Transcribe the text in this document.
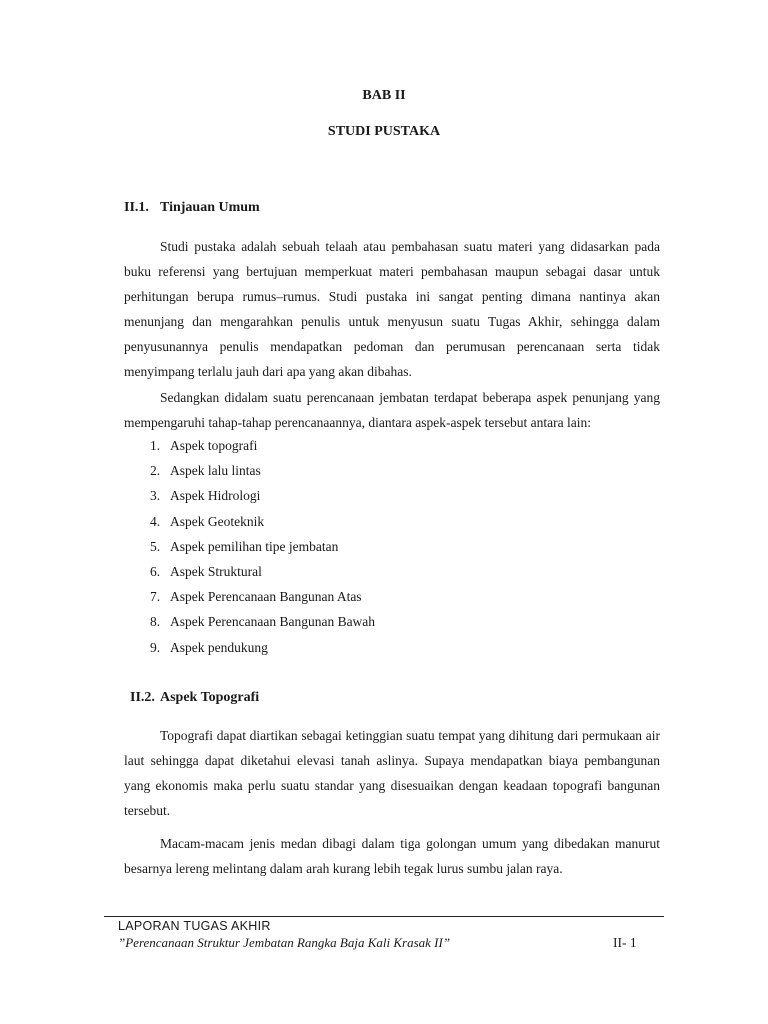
BAB II
STUDI PUSTAKA
II.1. Tinjauan Umum

Studi pustaka adalah sebuah telaah atau pembahasan suatu materi yang didasarkan pada buku referensi yang bertujuan memperkuat materi pembahasan maupun sebagai dasar untuk perhitungan berupa rumus–rumus. Studi pustaka ini sangat penting dimana nantinya akan menunjang dan mengarahkan penulis untuk menyusun suatu Tugas Akhir, sehingga dalam penyusunannya penulis mendapatkan pedoman dan perumusan perencanaan serta tidak menyimpang terlalu jauh dari apa yang akan dibahas.

Sedangkan didalam suatu perencanaan jembatan terdapat beberapa aspek penunjang yang mempengaruhi tahap-tahap perencanaannya, diantara aspek-aspek tersebut antara lain:

1. Aspek topografi
2. Aspek lalu lintas
3. Aspek Hidrologi
4. Aspek Geoteknik
5. Aspek pemilihan tipe jembatan
6. Aspek Struktural
7. Aspek Perencanaan Bangunan Atas
8. Aspek Perencanaan Bangunan Bawah
9. Aspek pendukung
II.2. Aspek Topografi

Topografi dapat diartikan sebagai ketinggian suatu tempat yang dihitung dari permukaan air laut sehingga dapat diketahui elevasi tanah aslinya. Supaya mendapatkan biaya pembangunan yang ekonomis maka perlu suatu standar yang disesuaikan dengan keadaan topografi bangunan tersebut.

Macam-macam jenis medan dibagi dalam tiga golongan umum yang dibedakan manurut besarnya lereng melintang dalam arah kurang lebih tegak lurus sumbu jalan raya.

LAPORAN TUGAS AKHIR
”Perencanaan Struktur Jembatan Rangka Baja Kali Krasak II”	II- 1
